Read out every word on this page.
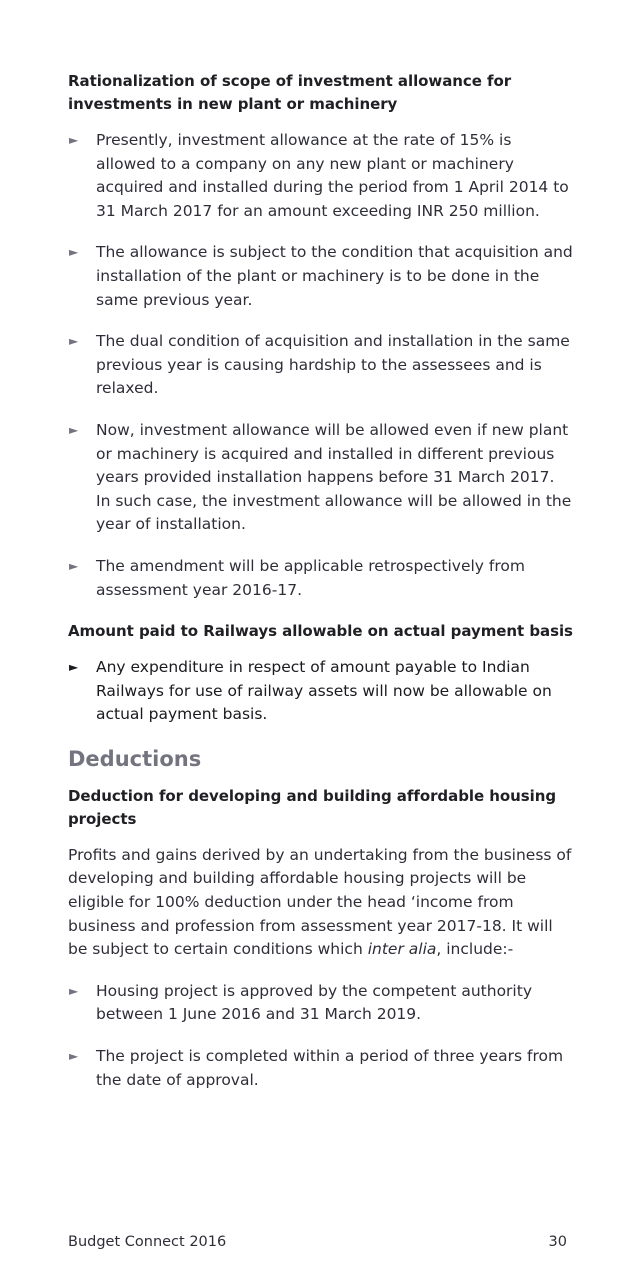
Rationalization of scope of investment allowance for investments in new plant or machinery
► Presently, investment allowance at the rate of 15% is allowed to a company on any new plant or machinery acquired and installed during the period from 1 April 2014 to 31 March 2017 for an amount exceeding INR 250 million.
► The allowance is subject to the condition that acquisition and installation of the plant or machinery is to be done in the same previous year.
► The dual condition of acquisition and installation in the same previous year is causing hardship to the assessees and is relaxed.
► Now, investment allowance will be allowed even if new plant or machinery is acquired and installed in different previous years provided installation happens before 31 March 2017. In such case, the investment allowance will be allowed in the year of installation.
► The amendment will be applicable retrospectively from assessment year 2016-17.
Amount paid to Railways allowable on actual payment basis
► Any expenditure in respect of amount payable to Indian Railways for use of railway assets will now be allowable on actual payment basis.
Deductions
Deduction for developing and building affordable housing projects

Profits and gains derived by an undertaking from the business of developing and building affordable housing projects will be eligible for 100% deduction under the head ‘income from business and profession from assessment year 2017-18. It will be subject to certain conditions which inter alia, include:-

► Housing project is approved by the competent authority between 1 June 2016 and 31 March 2019.
► The project is completed within a period of three years from the date of approval.
Budget Connect 2016	30
